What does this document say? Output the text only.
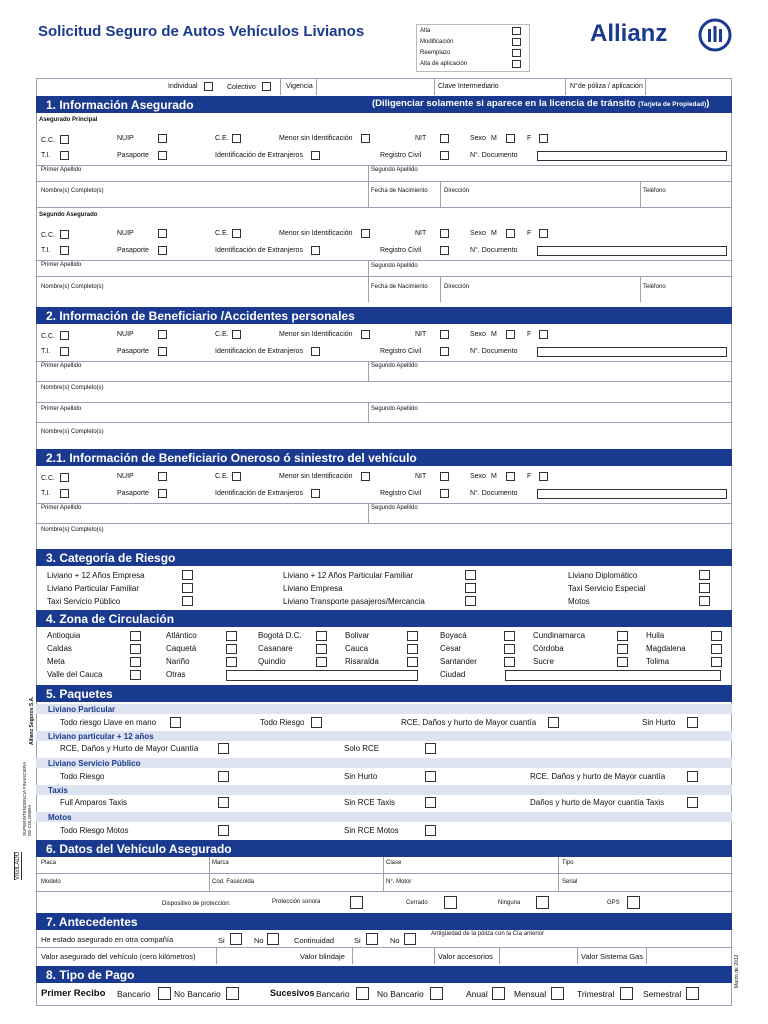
Solicitud Seguro de Autos Vehículos Livianos	Alta
Modificación
Reemplazo
Alta de aplicación
Allianz
Individual	Colectivo	Vigencia	Clave Intermediario	N°de póliza / aplicación
1. Información Asegurado	(Diligenciar solamente si aparece en la licencia de tránsito (Tarjeta de Propiedad))
Asegurado Principal
C.C.	NUIP	C.E.	Menor sin Identificación	NIT	Sexo M	F
T.I.	Pasaporte	Identificación de Extranjeros	Registro Civil	N°. Documento
Primer Apellido	Segundo Apellido
Nombre(s) Completo(s)	Fecha de Nacimiento	Dirección	Teléfono
Segundo Asegurado
C.C.	NUIP	C.E.	Menor sin Identificación	NIT	Sexo M	F
T.I.	Pasaporte	Identificación de Extranjeros	Registro Civil	N°. Documento
Primer Apellido	Segundo Apellido
Nombre(s) Completo(s)	Fecha de Nacimiento	Dirección	Teléfono
2. Información de Beneficiario /Accidentes personales
C.C.	NUIP	C.E.	Menor sin Identificación	NIT	Sexo M	F
T.I.	Pasaporte	Identificación de Extranjeros	Registro Civil	N°. Documento
Primer Apellido	Segundo Apellido
Nombre(s) Completo(s)
Primer Apellido	Segundo Apellido
Nombre(s) Completo(s)
2.1. Información de Beneficiario Oneroso ó siniestro del vehículo
C.C.	NUIP	C.E.	Menor sin Identificación	NIT	Sexo M	F
T.I.	Pasaporte	Identificación de Extranjeros	Registro Civil	N°. Documento
Primer Apellido	Segundo Apellido
Nombre(s) Completo(s)
3. Categoría de Riesgo
Liviano + 12 Años Empresa	Liviano + 12 Años Particular Familiar	Liviano Diplomático
Liviano Particular Familiar	Liviano Empresa	Taxi Servicio Especial
Taxi Servicio Público	Liviano Transporte pasajeros/Mercancia	Motos
4. Zona de Circulación
Antioquia	Atlántico	Bogotá D.C.	Bolivar	Boyacá	Cundinamarca	Huila
Caldas	Caquetá	Casanare	Cauca	Cesar	Córdoba	Magdalena
Meta	Nariño	Quindio	Risaralda	Santander	Sucre	Tolima
Valle del Cauca	Otras	Ciudad
5. Paquetes
Liviano Particular
Todo riesgo Llave en mano	Todo Riesgo	RCE, Daños y hurto de Mayor cuantía	Sin Hurto
Liviano particular + 12 años
RCE, Daños y Hurto de Mayor Cuantía	Solo RCE
Liviano Servicio Público
Todo Riesgo	Sin Hurto	RCE, Daños y hurto de Mayor cuantía
Taxis
Full Amparos Taxis	Sin RCE Taxis	Daños y hurto de Mayor cuantía Taxis
Motos
Todo Riesgo Motos	Sin RCE Motos
6. Datos del Vehículo Asegurado
Placa	Marca	Clase	Tipo
Modelo	Cod. Fasecolda	N°. Motor	Serial
Dispositivo de protección:	Protección sonora	Cerrado	Ninguna	GPS
7. Antecedentes
He estado asegurado en otra compañía	Si	No	Continuidad	Si	No
Antigüedad de la póliza con la Cía anterior
Valor asegurado del vehículo (cero kilómetros)	Valor blindaje	Valor accesorios	Valor Sistema Gas
8. Tipo de Pago
Primer Recibo Bancario	No Bancario	Sucesivos Bancario	No Bancario	Anual	Mensual	Trimestral	Semestral
VIGILADO
SUPERINTENDENCIA FINANCIERA DE COLOMBIA
Allianz Seguros S.A.
Marzo de 2012
